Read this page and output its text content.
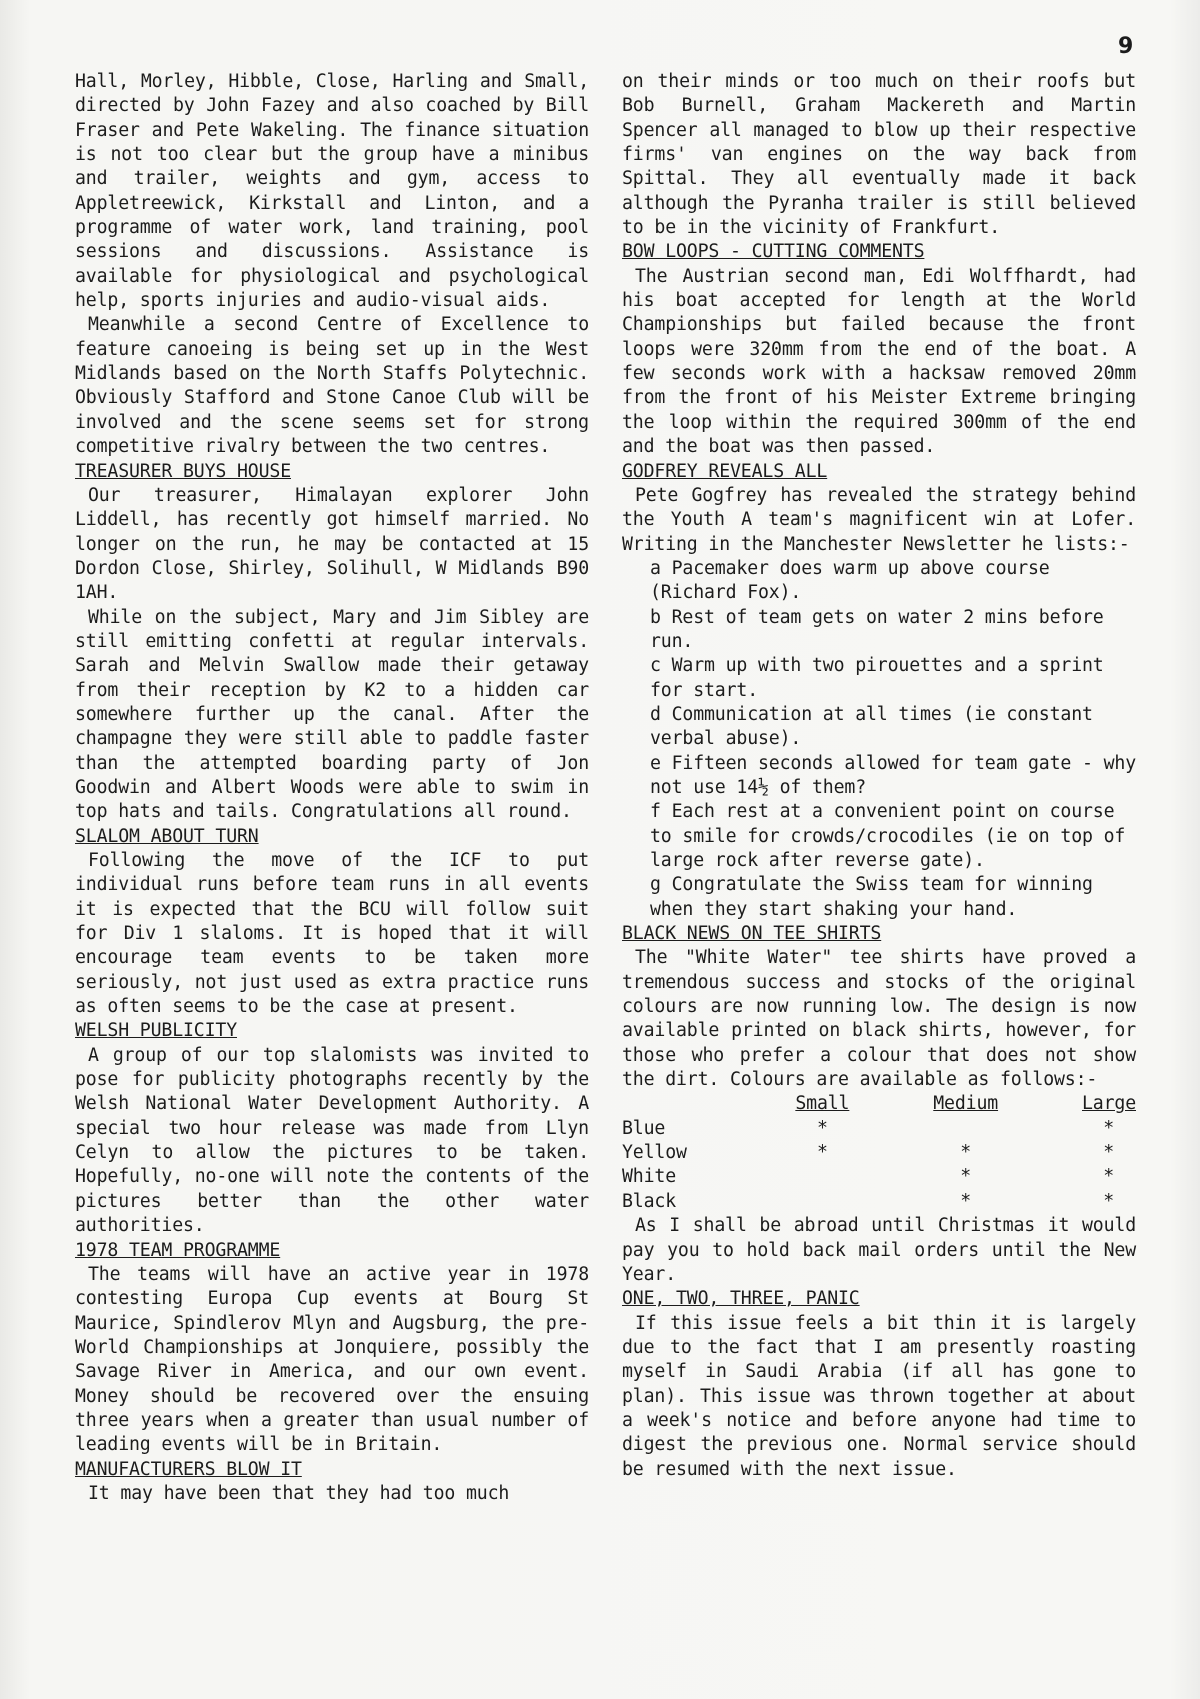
9

Hall, Morley, Hibble, Close, Harling and Small, directed by John Fazey and also coached by Bill Fraser and Pete Wakeling. The finance situation is not too clear but the group have a minibus and trailer, weights and gym, access to Appletreewick, Kirkstall and Linton, and a programme of water work, land training, pool sessions and discussions. Assistance is available for physiological and psychological help, sports injuries and audio-visual aids.

Meanwhile a second Centre of Excellence to feature canoeing is being set up in the West Midlands based on the North Staffs Polytechnic. Obviously Stafford and Stone Canoe Club will be involved and the scene seems set for strong competitive rivalry between the two centres.

TREASURER BUYS HOUSE

Our treasurer, Himalayan explorer John Liddell, has recently got himself married. No longer on the run, he may be contacted at 15 Dordon Close, Shirley, Solihull, W Midlands B90 1AH.

While on the subject, Mary and Jim Sibley are still emitting confetti at regular intervals. Sarah and Melvin Swallow made their getaway from their reception by K2 to a hidden car somewhere further up the canal. After the champagne they were still able to paddle faster than the attempted boarding party of Jon Goodwin and Albert Woods were able to swim in top hats and tails. Congratulations all round.

SLALOM ABOUT TURN

Following the move of the ICF to put individual runs before team runs in all events it is expected that the BCU will follow suit for Div 1 slaloms. It is hoped that it will encourage team events to be taken more seriously, not just used as extra practice runs as often seems to be the case at present.

WELSH PUBLICITY

A group of our top slalomists was invited to pose for publicity photographs recently by the Welsh National Water Development Authority. A special two hour release was made from Llyn Celyn to allow the pictures to be taken. Hopefully, no-one will note the contents of the pictures better than the other water authorities.

1978 TEAM PROGRAMME

The teams will have an active year in 1978 contesting Europa Cup events at Bourg St Maurice, Spindlerov Mlyn and Augsburg, the pre-World Championships at Jonquiere, possibly the Savage River in America, and our own event. Money should be recovered over the ensuing three years when a greater than usual number of leading events will be in Britain.

MANUFACTURERS BLOW IT

It may have been that they had too much

on their minds or too much on their roofs but Bob Burnell, Graham Mackereth and Martin Spencer all managed to blow up their respective firms' van engines on the way back from Spittal. They all eventually made it back although the Pyranha trailer is still believed to be in the vicinity of Frankfurt.

BOW LOOPS - CUTTING COMMENTS

The Austrian second man, Edi Wolffhardt, had his boat accepted for length at the World Championships but failed because the front loops were 320mm from the end of the boat. A few seconds work with a hacksaw removed 20mm from the front of his Meister Extreme bringing the loop within the required 300mm of the end and the boat was then passed.

GODFREY REVEALS ALL

Pete Gogfrey has revealed the strategy behind the Youth A team's magnificent win at Lofer. Writing in the Manchester Newsletter he lists:-

a Pacemaker does warm up above course (Richard Fox).

b Rest of team gets on water 2 mins before run.

c Warm up with two pirouettes and a sprint for start.

d Communication at all times (ie constant verbal abuse).

e Fifteen seconds allowed for team gate - why not use 14½ of them?

f Each rest at a convenient point on course to smile for crowds/crocodiles (ie on top of large rock after reverse gate).

g Congratulate the Swiss team for winning when they start shaking your hand.

BLACK NEWS ON TEE SHIRTS

The "White Water" tee shirts have proved a tremendous success and stocks of the original colours are now running low. The design is now available printed on black shirts, however, for those who prefer a colour that does not show the dirt. Colours are available as follows:-

	Small	Medium	Large
Blue	*		*
Yellow	*	*	*
White		*	*
Black		*	*

As I shall be abroad until Christmas it would pay you to hold back mail orders until the New Year.

ONE, TWO, THREE, PANIC

If this issue feels a bit thin it is largely due to the fact that I am presently roasting myself in Saudi Arabia (if all has gone to plan). This issue was thrown together at about a week's notice and before anyone had time to digest the previous one. Normal service should be resumed with the next issue.
